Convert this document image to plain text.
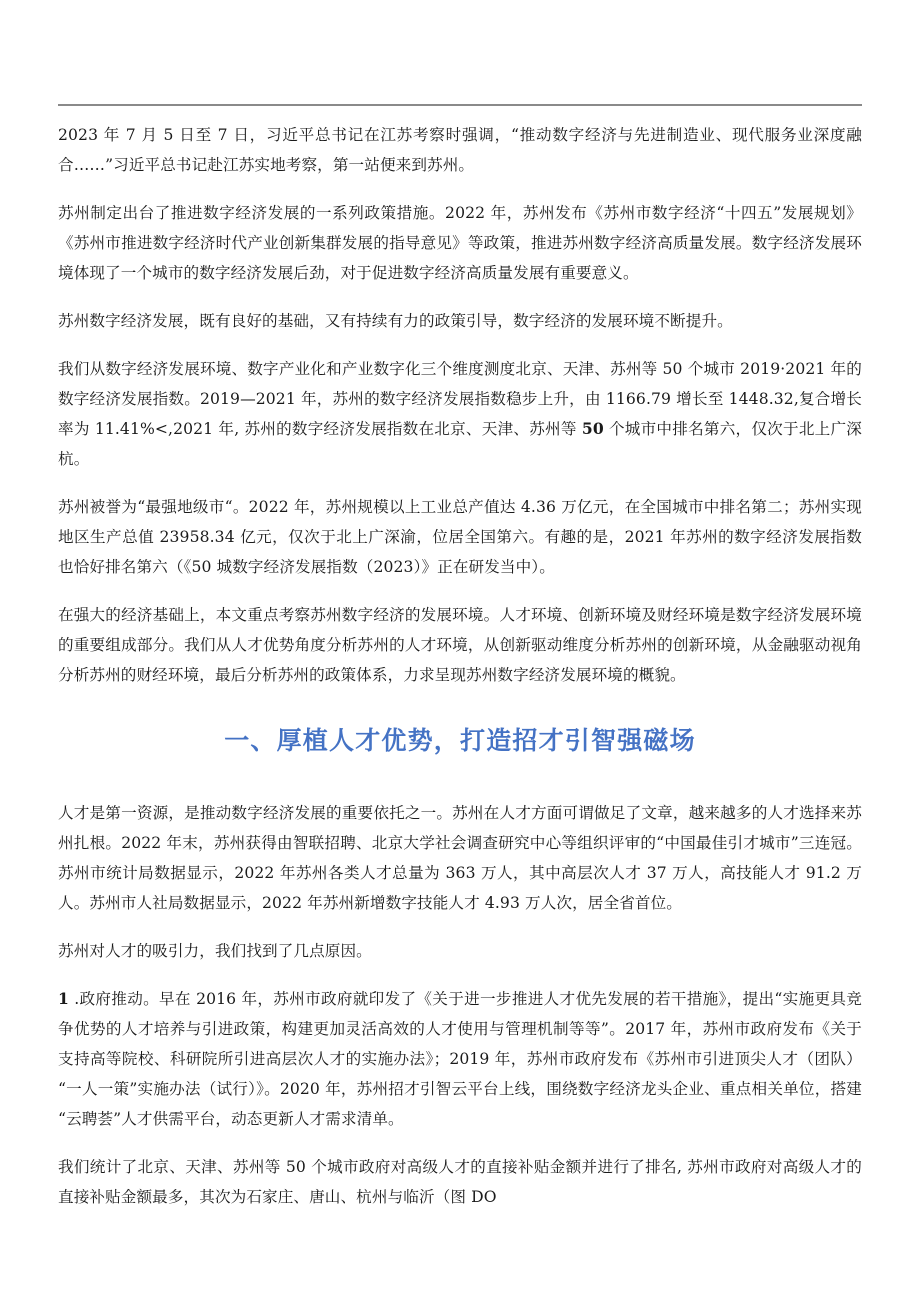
2023 年 7 月 5 日至 7 日，习近平总书记在江苏考察时强调，“推动数字经济与先进制造业、现代服务业深度融合……”习近平总书记赴江苏实地考察，第一站便来到苏州。

苏州制定出台了推进数字经济发展的一系列政策措施。2022 年，苏州发布《苏州市数字经济“十四五”发展规划》《苏州市推进数字经济时代产业创新集群发展的指导意见》等政策，推进苏州数字经济高质量发展。数字经济发展环境体现了一个城市的数字经济发展后劲，对于促进数字经济高质量发展有重要意义。

苏州数字经济发展，既有良好的基础，又有持续有力的政策引导，数字经济的发展环境不断提升。

我们从数字经济发展环境、数字产业化和产业数字化三个维度测度北京、天津、苏州等 50 个城市 2019·2021 年的数字经济发展指数。2019—2021 年，苏州的数字经济发展指数稳步上升，由 1166.79 增长至 1448.32,复合增长率为 11.41%<,2021 年, 苏州的数字经济发展指数在北京、天津、苏州等 50 个城市中排名第六，仅次于北上广深杭。

苏州被誉为“最强地级市“。2022 年，苏州规模以上工业总产值达 4.36 万亿元，在全国城市中排名第二；苏州实现地区生产总值 23958.34 亿元，仅次于北上广深渝，位居全国第六。有趣的是，2021 年苏州的数字经济发展指数也恰好排名第六（《50 城数字经济发展指数（2023）》正在研发当中）。

在强大的经济基础上，本文重点考察苏州数字经济的发展环境。人才环境、创新环境及财经环境是数字经济发展环境的重要组成部分。我们从人才优势角度分析苏州的人才环境，从创新驱动维度分析苏州的创新环境，从金融驱动视角分析苏州的财经环境，最后分析苏州的政策体系，力求呈现苏州数字经济发展环境的概貌。

一、厚植人才优势，打造招才引智强磁场

人才是第一资源，是推动数字经济发展的重要依托之一。苏州在人才方面可谓做足了文章，越来越多的人才选择来苏州扎根。2022 年末，苏州获得由智联招聘、北京大学社会调查研究中心等组织评审的“中国最佳引才城市”三连冠。苏州市统计局数据显示，2022 年苏州各类人才总量为 363 万人，其中高层次人才 37 万人，高技能人才 91.2 万人。苏州市人社局数据显示，2022 年苏州新增数字技能人才 4.93 万人次，居全省首位。

苏州对人才的吸引力，我们找到了几点原因。

1 .政府推动。早在 2016 年，苏州市政府就印发了《关于进一步推进人才优先发展的若干措施》，提出“实施更具竞争优势的人才培养与引进政策，构建更加灵活高效的人才使用与管理机制等等”。2017 年，苏州市政府发布《关于支持高等院校、科研院所引进高层次人才的实施办法》；2019 年，苏州市政府发布《苏州市引进顶尖人才（团队）“一人一策”实施办法（试行）》。2020 年，苏州招才引智云平台上线，围绕数字经济龙头企业、重点相关单位，搭建“云聘荟”人才供需平台，动态更新人才需求清单。

我们统计了北京、天津、苏州等 50 个城市政府对高级人才的直接补贴金额并进行了排名, 苏州市政府对高级人才的直接补贴金额最多，其次为石家庄、唐山、杭州与临沂（图 DO
